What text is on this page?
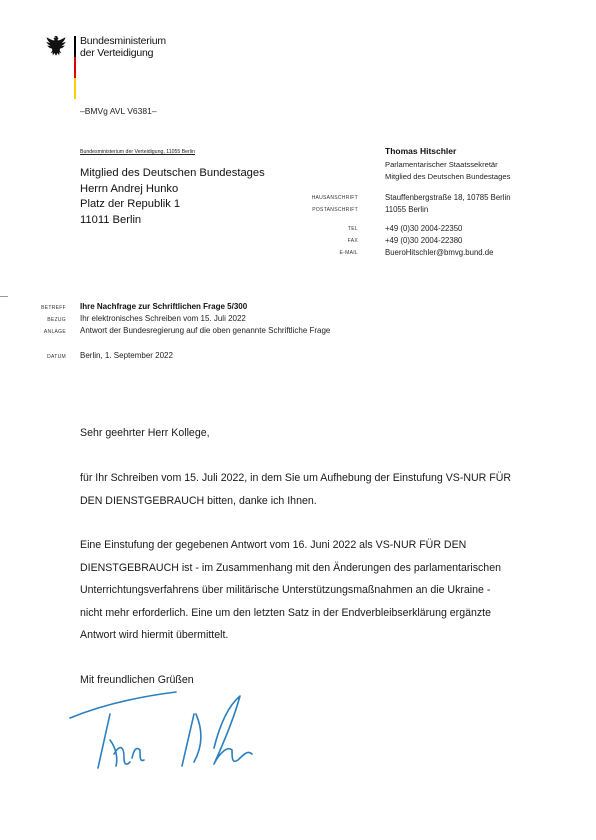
Bundesministerium
der Verteidigung
–BMVg AVL V6381–
Bundesministerium der Verteidigung, 11055 Berlin
Mitglied des Deutschen Bundestages
Herrn Andrej Hunko
Platz der Republik 1
11011 Berlin
Thomas Hitschler
Parlamentarischer Staatssekretär
Mitglied des Deutschen Bundestages
HAUSANSCHRIFT	Stauffenbergstraße 18, 10785 Berlin
POSTANSCHRIFT	11055 Berlin
TEL	+49 (0)30 2004-22350
FAX	+49 (0)30 2004-22380
E-MAIL	BueroHitschler@bmvg.bund.de
BETREFF Ihre Nachfrage zur Schriftlichen Frage 5/300
BEZUG Ihr elektronisches Schreiben vom 15. Juli 2022
ANLAGE Antwort der Bundesregierung auf die oben genannte Schriftliche Frage
DATUM Berlin, 1. September 2022
Sehr geehrter Herr Kollege,
für Ihr Schreiben vom 15. Juli 2022, in dem Sie um Aufhebung der Einstufung VS-NUR FÜR
DEN DIENSTGEBRAUCH bitten, danke ich Ihnen.
Eine Einstufung der gegebenen Antwort vom 16. Juni 2022 als VS-NUR FÜR DEN
DIENSTGEBRAUCH ist - im Zusammenhang mit den Änderungen des parlamentarischen
Unterrichtungsverfahrens über militärische Unterstützungsmaßnahmen an die Ukraine -
nicht mehr erforderlich. Eine um den letzten Satz in der Endverbleibserklärung ergänzte
Antwort wird hiermit übermittelt.
Mit freundlichen Grüßen
